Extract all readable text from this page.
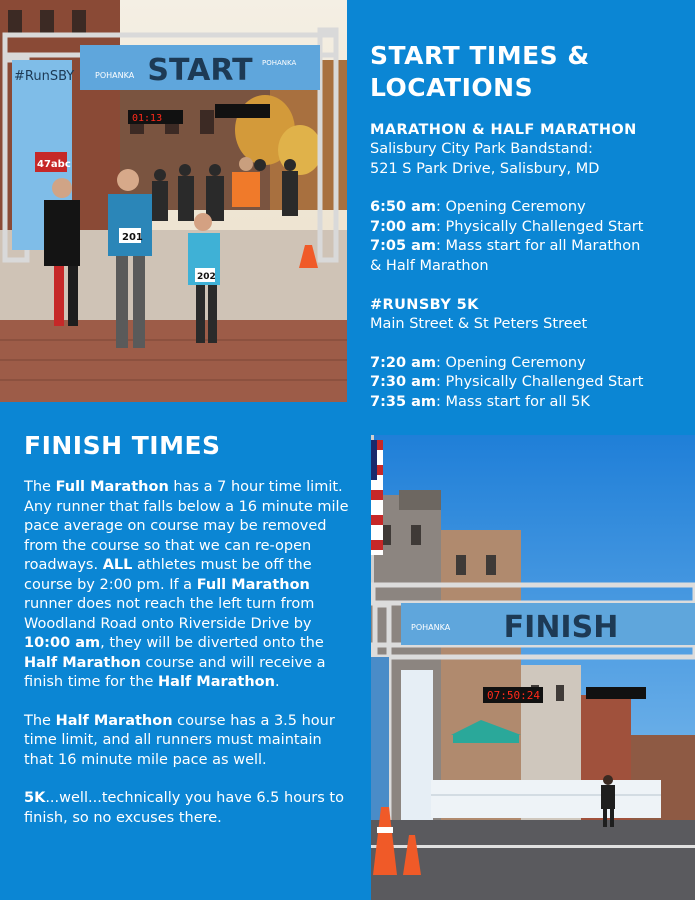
START
POHANKA
POHANKA
#RunSBY
47abc
01:13
201
202
START TIMES &
LOCATIONS
MARATHON & HALF MARATHON
Salisbury City Park Bandstand:
521 S Park Drive, Salisbury, MD
6:50 am: Opening Ceremony
7:00 am: Physically Challenged Start
7:05 am: Mass start for all Marathon
& Half Marathon
#RUNSBY 5K
Main Street & St Peters Street
7:20 am: Opening Ceremony
7:30 am: Physically Challenged Start
7:35 am: Mass start for all 5K
FINISH TIMES

The Full Marathon has a 7 hour time limit. Any runner that falls below a 16 minute mile pace average on course may be removed from the course so that we can re-open roadways. ALL athletes must be off the course by 2:00 pm. If a Full Marathon runner does not reach the left turn from Woodland Road onto Riverside Drive by 10:00 am, they will be diverted onto the Half Marathon course and will receive a finish time for the Half Marathon.

The Half Marathon course has a 3.5 hour time limit, and all runners must maintain that 16 minute mile pace as well.

5K...well...technically you have 6.5 hours to finish, so no excuses there.

FINISH
POHANKA
07:50:24
